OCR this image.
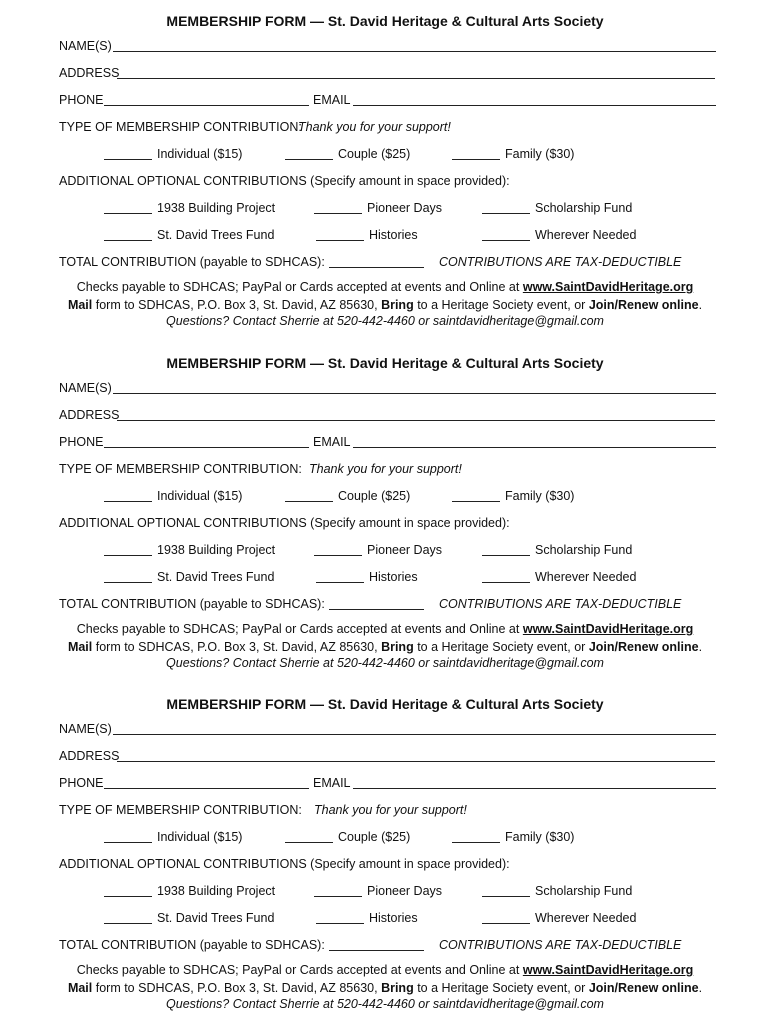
MEMBERSHIP FORM — St. David Heritage & Cultural Arts Society
NAME(S)
ADDRESS
PHONE	EMAIL
TYPE OF MEMBERSHIP CONTRIBUTION:
Thank you for your support!
Individual ($15)	Couple ($25)	Family ($30)
ADDITIONAL OPTIONAL CONTRIBUTIONS (Specify amount in space provided):
1938 Building Project	Pioneer Days	Scholarship Fund
St. David Trees Fund	Histories	Wherever Needed
TOTAL CONTRIBUTION (payable to SDHCAS):	CONTRIBUTIONS ARE TAX-DEDUCTIBLE
Checks payable to SDHCAS; PayPal or Cards accepted at events and Online at www.SaintDavidHeritage.org
Mail form to SDHCAS, P.O. Box 3, St. David, AZ 85630, Bring to a Heritage Society event, or Join/Renew online.
Questions? Contact Sherrie at 520-442-4460 or saintdavidheritage@gmail.com
MEMBERSHIP FORM — St. David Heritage & Cultural Arts Society
NAME(S)
ADDRESS
PHONE	EMAIL
TYPE OF MEMBERSHIP CONTRIBUTION: Thank you for your support!
Individual ($15)	Couple ($25)	Family ($30)
ADDITIONAL OPTIONAL CONTRIBUTIONS (Specify amount in space provided):
1938 Building Project	Pioneer Days	Scholarship Fund
St. David Trees Fund	Histories	Wherever Needed
TOTAL CONTRIBUTION (payable to SDHCAS):	CONTRIBUTIONS ARE TAX-DEDUCTIBLE
Checks payable to SDHCAS; PayPal or Cards accepted at events and Online at www.SaintDavidHeritage.org
Mail form to SDHCAS, P.O. Box 3, St. David, AZ 85630, Bring to a Heritage Society event, or Join/Renew online.
Questions? Contact Sherrie at 520-442-4460 or saintdavidheritage@gmail.com
MEMBERSHIP FORM — St. David Heritage & Cultural Arts Society
NAME(S)
ADDRESS
PHONE	EMAIL
TYPE OF MEMBERSHIP CONTRIBUTION: Thank you for your support!
Individual ($15)	Couple ($25)	Family ($30)
ADDITIONAL OPTIONAL CONTRIBUTIONS (Specify amount in space provided):
1938 Building Project	Pioneer Days	Scholarship Fund
St. David Trees Fund	Histories	Wherever Needed
TOTAL CONTRIBUTION (payable to SDHCAS):	CONTRIBUTIONS ARE TAX-DEDUCTIBLE
Checks payable to SDHCAS; PayPal or Cards accepted at events and Online at www.SaintDavidHeritage.org
Mail form to SDHCAS, P.O. Box 3, St. David, AZ 85630, Bring to a Heritage Society event, or Join/Renew online.
Questions? Contact Sherrie at 520-442-4460 or saintdavidheritage@gmail.com
